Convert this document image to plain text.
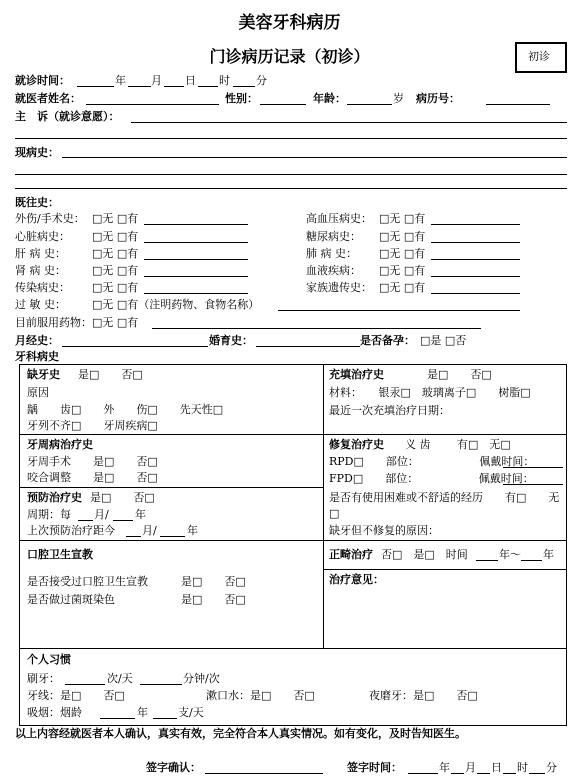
美容牙科病历
门诊病历记录（初诊）	初诊
就诊时间：	年 月 日 时 分
就医者姓名：	性别：	年龄：	岁 病历号：
主　诉（就诊意愿）：
现病史：
既往史：
外伤/手术史： □无 □有
心脏病史： □无 □有
肝 病 史： □无 □有
肾 病 史： □无 □有
传染病史： □无 □有
高血压病史： □无 □有
糖尿病史： □无 □有
肺 病 史： □无 □有
血液疾病： □无 □有
家族遗传史： □无 □有
过 敏 史： □无 □有（注明药物、食物名称）
目前服用药物：□无 □有
月经史：	婚育史：	是否备孕： □是 □否
牙科病史
缺牙史 是□　　否□
原因
龋　　齿□　　外　　伤□　　先天性□
牙列不齐□　　牙周疾病□
充填治疗史	是□　　否□
材料：　　银汞□　玻璃离子□　　树脂□
最近一次充填治疗日期：
牙周病治疗史
牙周手术　　是□　　否□
咬合调整　　是□　　否□
修复治疗史 义 齿 有□　无□
RPD□　　部位：　　　　　　佩戴时间：
FPD□　　部位：　　　　　　佩戴时间：
是否有使用困难或不舒适的经历　　有□　　无
□
缺牙但不修复的原因：
预防治疗史 是□　　否□
周期：每 月/ 年
上次预防治疗距今 月/	年
口腔卫生宣教
是否接受过口腔卫生宣教　　　是□　　否□
是否做过菌斑染色　　　　　　是□　　否□
正畸治疗 否□　是□　时间	年～ 年
治疗意见：
个人习惯
刷牙：	次/天	分钟/次
牙线：是□　　否□	漱口水：是□　　否□	夜磨牙：是□　　否□
吸烟：烟龄	年	支/天
以上内容经就医者本人确认，真实有效，完全符合本人真实情况。如有变化，及时告知医生。
签字确认：	签字时间：	年 月 日 时 分
